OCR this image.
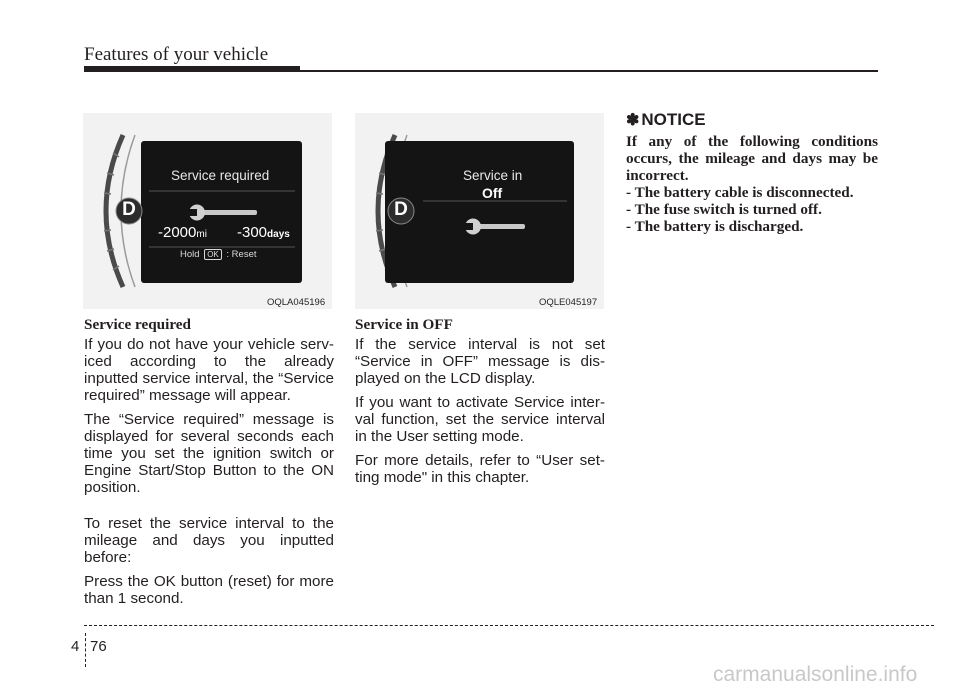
Features of your vehicle
D
Service required
-2000mi -300days
Hold OK : Reset
OQLA045196
D
Service in
Off
OQLE045197
Service required

If you do not have your vehicle serv-iced according to the already inputted service interval, the “Service required” message will appear.

The “Service required” message is displayed for several seconds each time you set the ignition switch or Engine Start/Stop Button to the ON position.

To reset the service interval to the mileage and days you inputted before:

Press the OK button (reset) for more than 1 second.

Service in OFF

If the service interval is not set “Service in OFF” message is dis-played on the LCD display.

If you want to activate Service inter-val function, set the service interval in the User setting mode.

For more details, refer to “User set-ting mode" in this chapter.

✽ NOTICE

If any of the following conditions occurs, the mileage and days may be incorrect.

- The battery cable is disconnected.
- The fuse switch is turned off.
- The battery is discharged.
4 76
carmanualsonline.info
